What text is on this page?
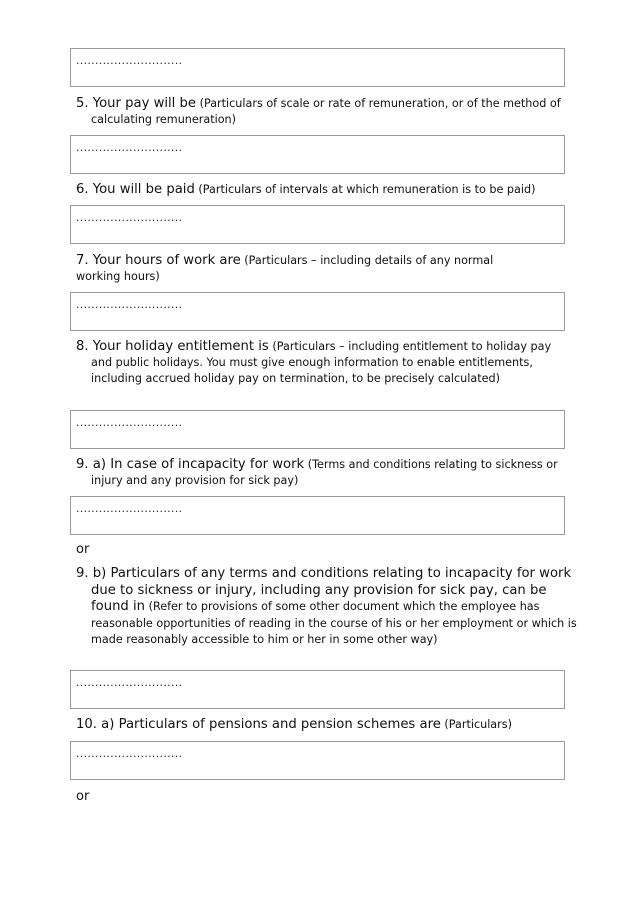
............................
5. Your pay will be (Particulars of scale or rate of remuneration, or of the method of calculating remuneration)
............................
6. You will be paid (Particulars of intervals at which remuneration is to be paid)
............................
7. Your hours of work are (Particulars – including details of any normal working hours)
............................
8. Your holiday entitlement is (Particulars – including entitlement to holiday pay and public holidays. You must give enough information to enable entitlements, including accrued holiday pay on termination, to be precisely calculated)
............................
9. a) In case of incapacity for work (Terms and conditions relating to sickness or injury and any provision for sick pay)
............................
or
9. b) Particulars of any terms and conditions relating to incapacity for work due to sickness or injury, including any provision for sick pay, can be found in (Refer to provisions of some other document which the employee has reasonable opportunities of reading in the course of his or her employment or which is made reasonably accessible to him or her in some other way)
............................
10. a) Particulars of pensions and pension schemes are (Particulars)
............................
or
